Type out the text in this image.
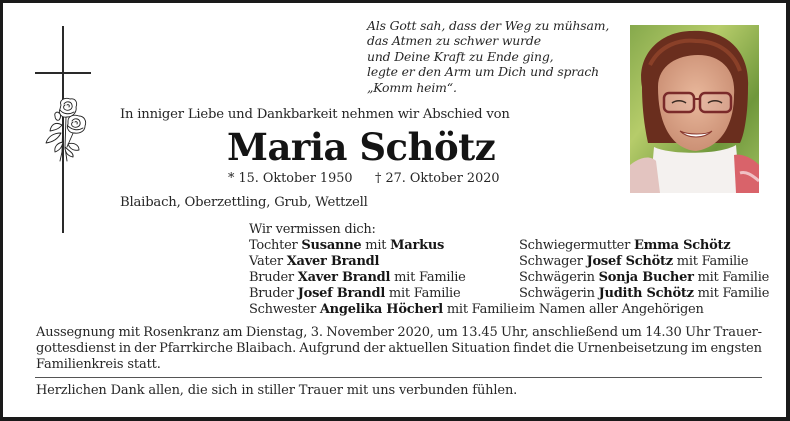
Als Gott sah, dass der Weg zu mühsam,
das Atmen zu schwer wurde
und Deine Kraft zu Ende ging,
legte er den Arm um Dich und sprach
„Komm heim“.
In inniger Liebe und Dankbarkeit nehmen wir Abschied von
Maria Schötz
* 15. Oktober 1950 † 27. Oktober 2020
Blaibach, Oberzettling, Grub, Wettzell
Wir vermissen dich:
Tochter Susanne mit Markus
Vater Xaver Brandl
Bruder Xaver Brandl mit Familie
Bruder Josef Brandl mit Familie
Schwester Angelika Höcherl mit Familie
Schwiegermutter Emma Schötz
Schwager Josef Schötz mit Familie
Schwägerin Sonja Bucher mit Familie
Schwägerin Judith Schötz mit Familie
im Namen aller Angehörigen
Aussegnung mit Rosenkranz am Dienstag, 3. November 2020, um 13.45 Uhr, anschließend um 14.30 Uhr Trauer-
gottesdienst in der Pfarrkirche Blaibach. Aufgrund der aktuellen Situation findet die Urnenbeisetzung im engsten
Familienkreis statt.
Herzlichen Dank allen, die sich in stiller Trauer mit uns verbunden fühlen.
